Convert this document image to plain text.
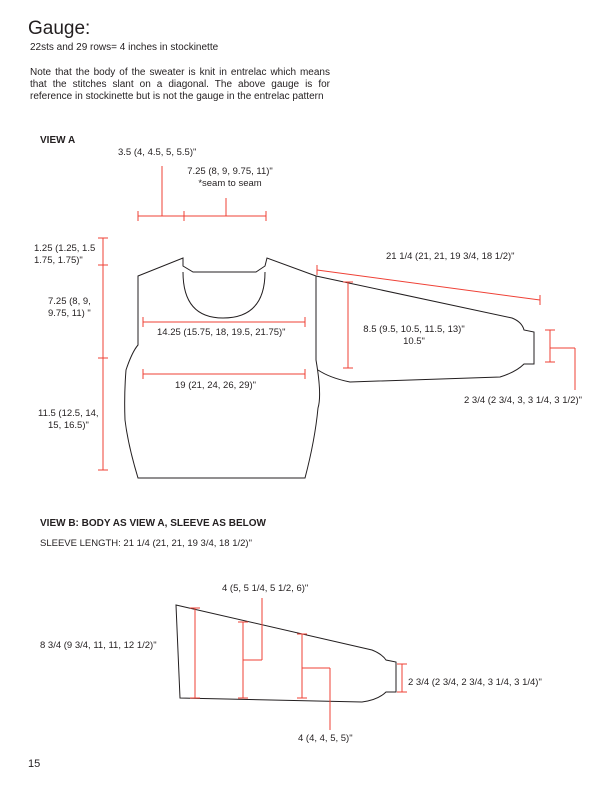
Gauge:
22sts and 29 rows= 4 inches in stockinette
Note that the body of the sweater is knit in entrelac which means that the stitches slant on a diagonal. The above gauge is for reference in stockinette but is not the gauge in the entrelac pattern
VIEW A
3.5 (4, 4.5, 5, 5.5)"
7.25 (8, 9, 9.75, 11)"
*seam to seam
1.25 (1.25, 1.5
1.75, 1.75)"
7.25 (8, 9,
9.75, 11) "
11.5 (12.5, 14,
15, 16.5)"
14.25 (15.75, 18, 19.5, 21.75)"
19 (21, 24, 26, 29)"
21 1/4 (21, 21, 19 3/4, 18 1/2)"
8.5 (9.5, 10.5, 11.5, 13)"
10.5"
2 3/4 (2 3/4, 3, 3 1/4, 3 1/2)"
VIEW B: BODY AS VIEW A, SLEEVE AS BELOW
SLEEVE LENGTH: 21 1/4 (21, 21, 19 3/4, 18 1/2)"
4 (5, 5 1/4, 5 1/2, 6)"
8 3/4 (9 3/4, 11, 11, 12 1/2)"
2 3/4 (2 3/4, 2 3/4, 3 1/4, 3 1/4)"
4 (4, 4, 5, 5)"
15
